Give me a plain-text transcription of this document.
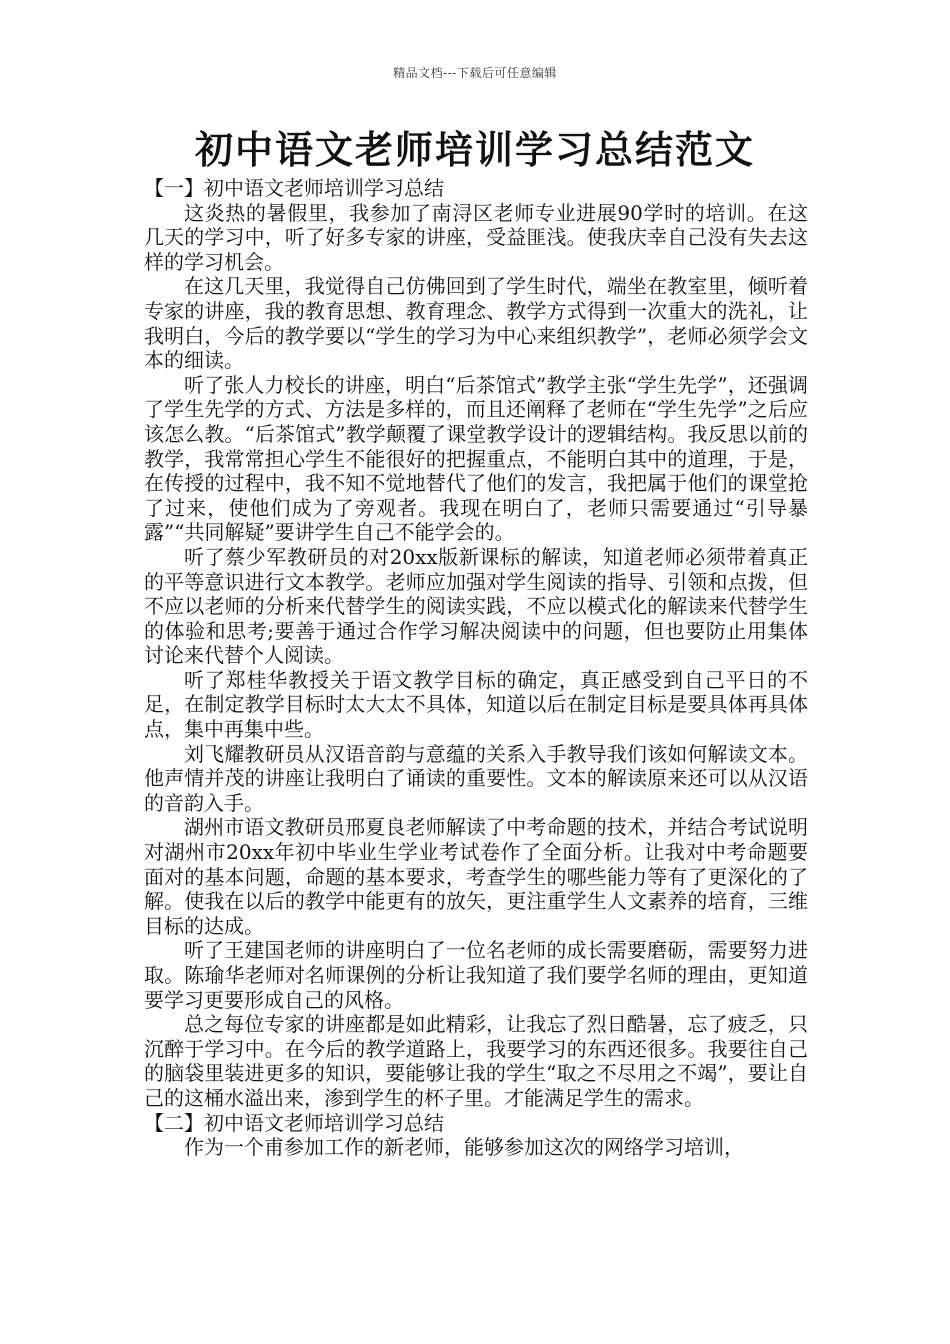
精品文档---下载后可任意编辑
初中语文老师培训学习总结范文

【一】初中语文老师培训学习总结

这炎热的暑假里，我参加了南浔区老师专业进展90学时的培训。在这几天的学习中，听了好多专家的讲座，受益匪浅。使我庆幸自己没有失去这样的学习机会。

在这几天里，我觉得自己仿佛回到了学生时代，端坐在教室里，倾听着专家的讲座，我的教育思想、教育理念、教学方式得到一次重大的洗礼，让我明白，今后的教学要以“学生的学习为中心来组织教学”，老师必须学会文本的细读。

听了张人力校长的讲座，明白“后茶馆式”教学主张“学生先学”，还强调了学生先学的方式、方法是多样的，而且还阐释了老师在“学生先学”之后应该怎么教。“后茶馆式”教学颠覆了课堂教学设计的逻辑结构。我反思以前的教学，我常常担心学生不能很好的把握重点，不能明白其中的道理，于是，在传授的过程中，我不知不觉地替代了他们的发言，我把属于他们的课堂抢了过来，使他们成为了旁观者。我现在明白了，老师只需要通过“引导暴露”“共同解疑”要讲学生自己不能学会的。

听了蔡少军教研员的对20xx版新课标的解读，知道老师必须带着真正的平等意识进行文本教学。老师应加强对学生阅读的指导、引领和点拨，但不应以老师的分析来代替学生的阅读实践，不应以模式化的解读来代替学生的体验和思考;要善于通过合作学习解决阅读中的问题，但也要防止用集体讨论来代替个人阅读。

听了郑桂华教授关于语文教学目标的确定，真正感受到自己平日的不足，在制定教学目标时太大太不具体，知道以后在制定目标是要具体再具体点，集中再集中些。

刘飞耀教研员从汉语音韵与意蕴的关系入手教导我们该如何解读文本。他声情并茂的讲座让我明白了诵读的重要性。文本的解读原来还可以从汉语的音韵入手。

湖州市语文教研员邢夏良老师解读了中考命题的技术，并结合考试说明对湖州市20xx年初中毕业生学业考试卷作了全面分析。让我对中考命题要面对的基本问题，命题的基本要求，考查学生的哪些能力等有了更深化的了解。使我在以后的教学中能更有的放矢，更注重学生人文素养的培育，三维目标的达成。

听了王建国老师的讲座明白了一位名老师的成长需要磨砺，需要努力进取。陈瑜华老师对名师课例的分析让我知道了我们要学名师的理由，更知道要学习更要形成自己的风格。

总之每位专家的讲座都是如此精彩，让我忘了烈日酷暑，忘了疲乏，只沉醉于学习中。在今后的教学道路上，我要学习的东西还很多。我要往自己的脑袋里装进更多的知识，要能够让我的学生“取之不尽用之不竭”，要让自己的这桶水溢出来，渗到学生的杯子里。才能满足学生的需求。

【二】初中语文老师培训学习总结

作为一个甫参加工作的新老师，能够参加这次的网络学习培训，
